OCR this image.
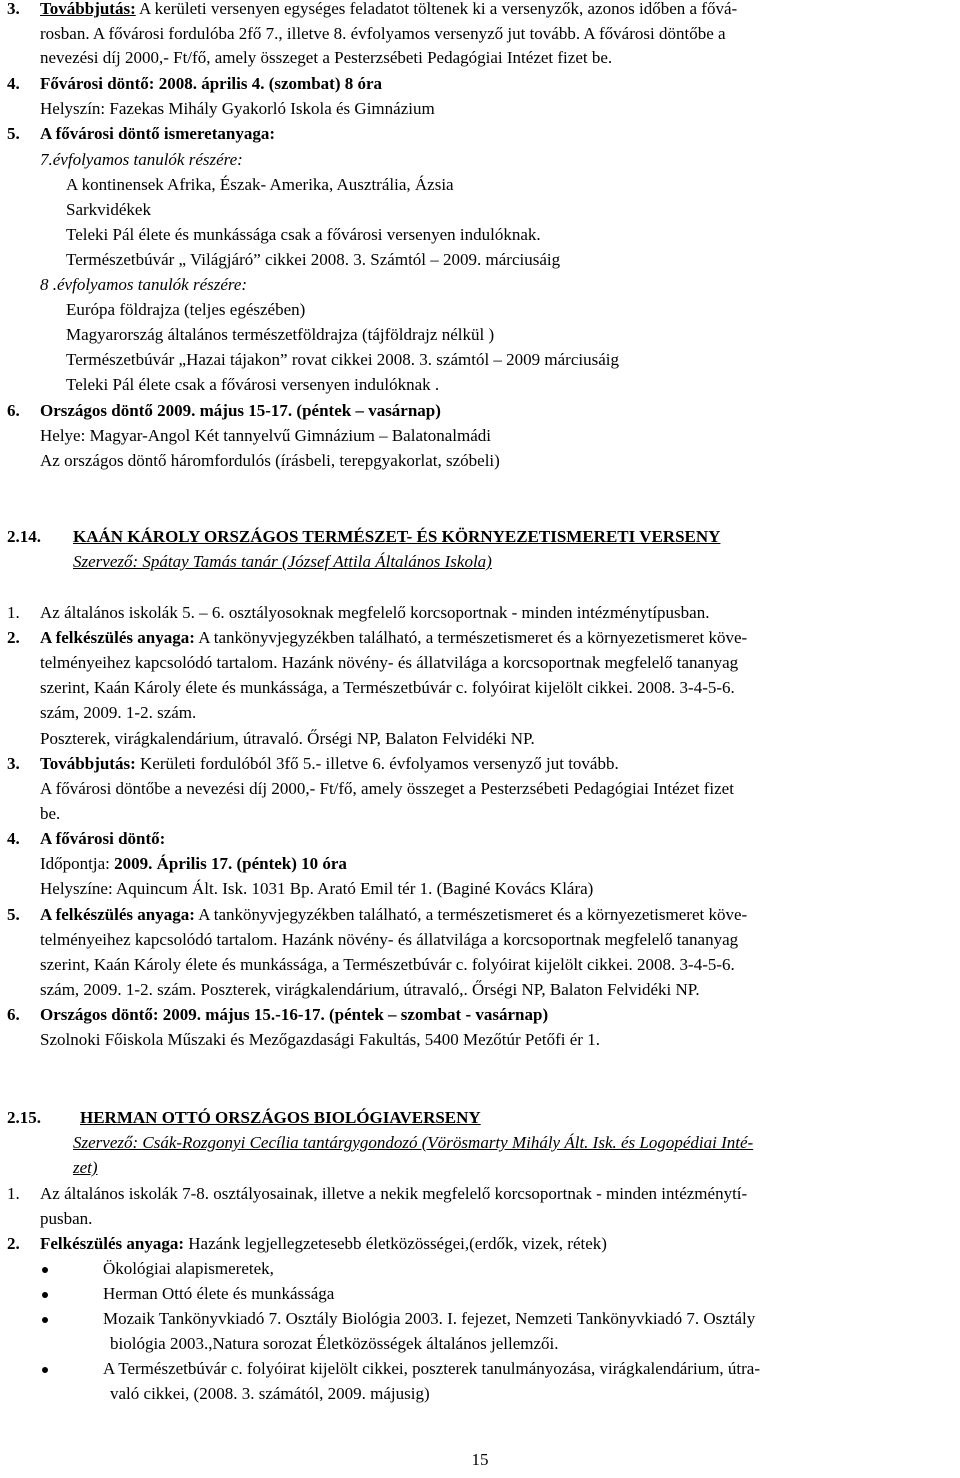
3. Továbbjutás: A kerületi versenyen egységes feladatot töltenek ki a versenyzők, azonos időben a fővá-
rosban. A fővárosi fordulóba 2fő 7., illetve 8. évfolyamos versenyző jut tovább. A fővárosi döntőbe a
nevezési díj 2000,- Ft/fő, amely összeget a Pesterzsébeti Pedagógiai Intézet fizet be.
4. Fővárosi döntő: 2008. április 4. (szombat) 8 óra
Helyszín: Fazekas Mihály Gyakorló Iskola és Gimnázium
5. A fővárosi döntő ismeretanyaga:
7.évfolyamos tanulók részére:
A kontinensek Afrika, Észak- Amerika, Ausztrália, Ázsia
Sarkvidékek
Teleki Pál élete és munkássága csak a fővárosi versenyen indulóknak.
Természetbúvár „ Világjáró” cikkei 2008. 3. Számtól – 2009. márciusáig
8 .évfolyamos tanulók részére:
Európa földrajza (teljes egészében)
Magyarország általános természetföldrajza (tájföldrajz nélkül )
Természetbúvár „Hazai tájakon” rovat cikkei 2008. 3. számtól – 2009 márciusáig
Teleki Pál élete csak a fővárosi versenyen indulóknak .
6. Országos döntő 2009. május 15-17. (péntek – vasárnap)
Helye: Magyar-Angol Két tannyelvű Gimnázium – Balatonalmádi
Az országos döntő háromfordulós (írásbeli, terepgyakorlat, szóbeli)
2.14. KAÁN KÁROLY ORSZÁGOS TERMÉSZET- ÉS KÖRNYEZETISMERETI VERSENY
Szervező: Spátay Tamás tanár (József Attila Általános Iskola)
1. Az általános iskolák 5. – 6. osztályosoknak megfelelő korcsoportnak - minden intézménytípusban.
2. A felkészülés anyaga: A tankönyvjegyzékben található, a természetismeret és a környezetismeret köve-
telményeihez kapcsolódó tartalom. Hazánk növény- és állatvilága a korcsoportnak megfelelő tananyag
szerint, Kaán Károly élete és munkássága, a Természetbúvár c. folyóirat kijelölt cikkei. 2008. 3-4-5-6.
szám, 2009. 1-2. szám.
Poszterek, virágkalendárium, útravaló. Őrségi NP, Balaton Felvidéki NP.
3. Továbbjutás: Kerületi fordulóból 3fő 5.- illetve 6. évfolyamos versenyző jut tovább.
A fővárosi döntőbe a nevezési díj 2000,- Ft/fő, amely összeget a Pesterzsébeti Pedagógiai Intézet fizet
be.
4. A fővárosi döntő:
Időpontja: 2009. Április 17. (péntek) 10 óra
Helyszíne: Aquincum Ált. Isk. 1031 Bp. Arató Emil tér 1. (Baginé Kovács Klára)
5. A felkészülés anyaga: A tankönyvjegyzékben található, a természetismeret és a környezetismeret köve-
telményeihez kapcsolódó tartalom. Hazánk növény- és állatvilága a korcsoportnak megfelelő tananyag
szerint, Kaán Károly élete és munkássága, a Természetbúvár c. folyóirat kijelölt cikkei. 2008. 3-4-5-6.
szám, 2009. 1-2. szám. Poszterek, virágkalendárium, útravaló,. Őrségi NP, Balaton Felvidéki NP.
6. Országos döntő: 2009. május 15.-16-17. (péntek – szombat - vasárnap)
Szolnoki Főiskola Műszaki és Mezőgazdasági Fakultás, 5400 Mezőtúr Petőfi ér 1.
2.15. HERMAN OTTÓ ORSZÁGOS BIOLÓGIAVERSENY
Szervező: Csák-Rozgonyi Cecília tantárgygondozó (Vörösmarty Mihály Ált. Isk. és Logopédiai Inté-
zet)
1. Az általános iskolák 7-8. osztályosainak, illetve a nekik megfelelő korcsoportnak - minden intézménytí-
pusban.
2. Felkészülés anyaga: Hazánk legjellegzetesebb életközösségei,(erdők, vizek, rétek)
Ökológiai alapismeretek,
Herman Ottó élete és munkássága
Mozaik Tankönyvkiadó 7. Osztály Biológia 2003. I. fejezet, Nemzeti Tankönyvkiadó 7. Osztály
biológia 2003.,Natura sorozat Életközösségek általános jellemzői.
A Természetbúvár c. folyóirat kijelölt cikkei, poszterek tanulmányozása, virágkalendárium, útra-
való cikkei, (2008. 3. számától, 2009. májusig)
15
